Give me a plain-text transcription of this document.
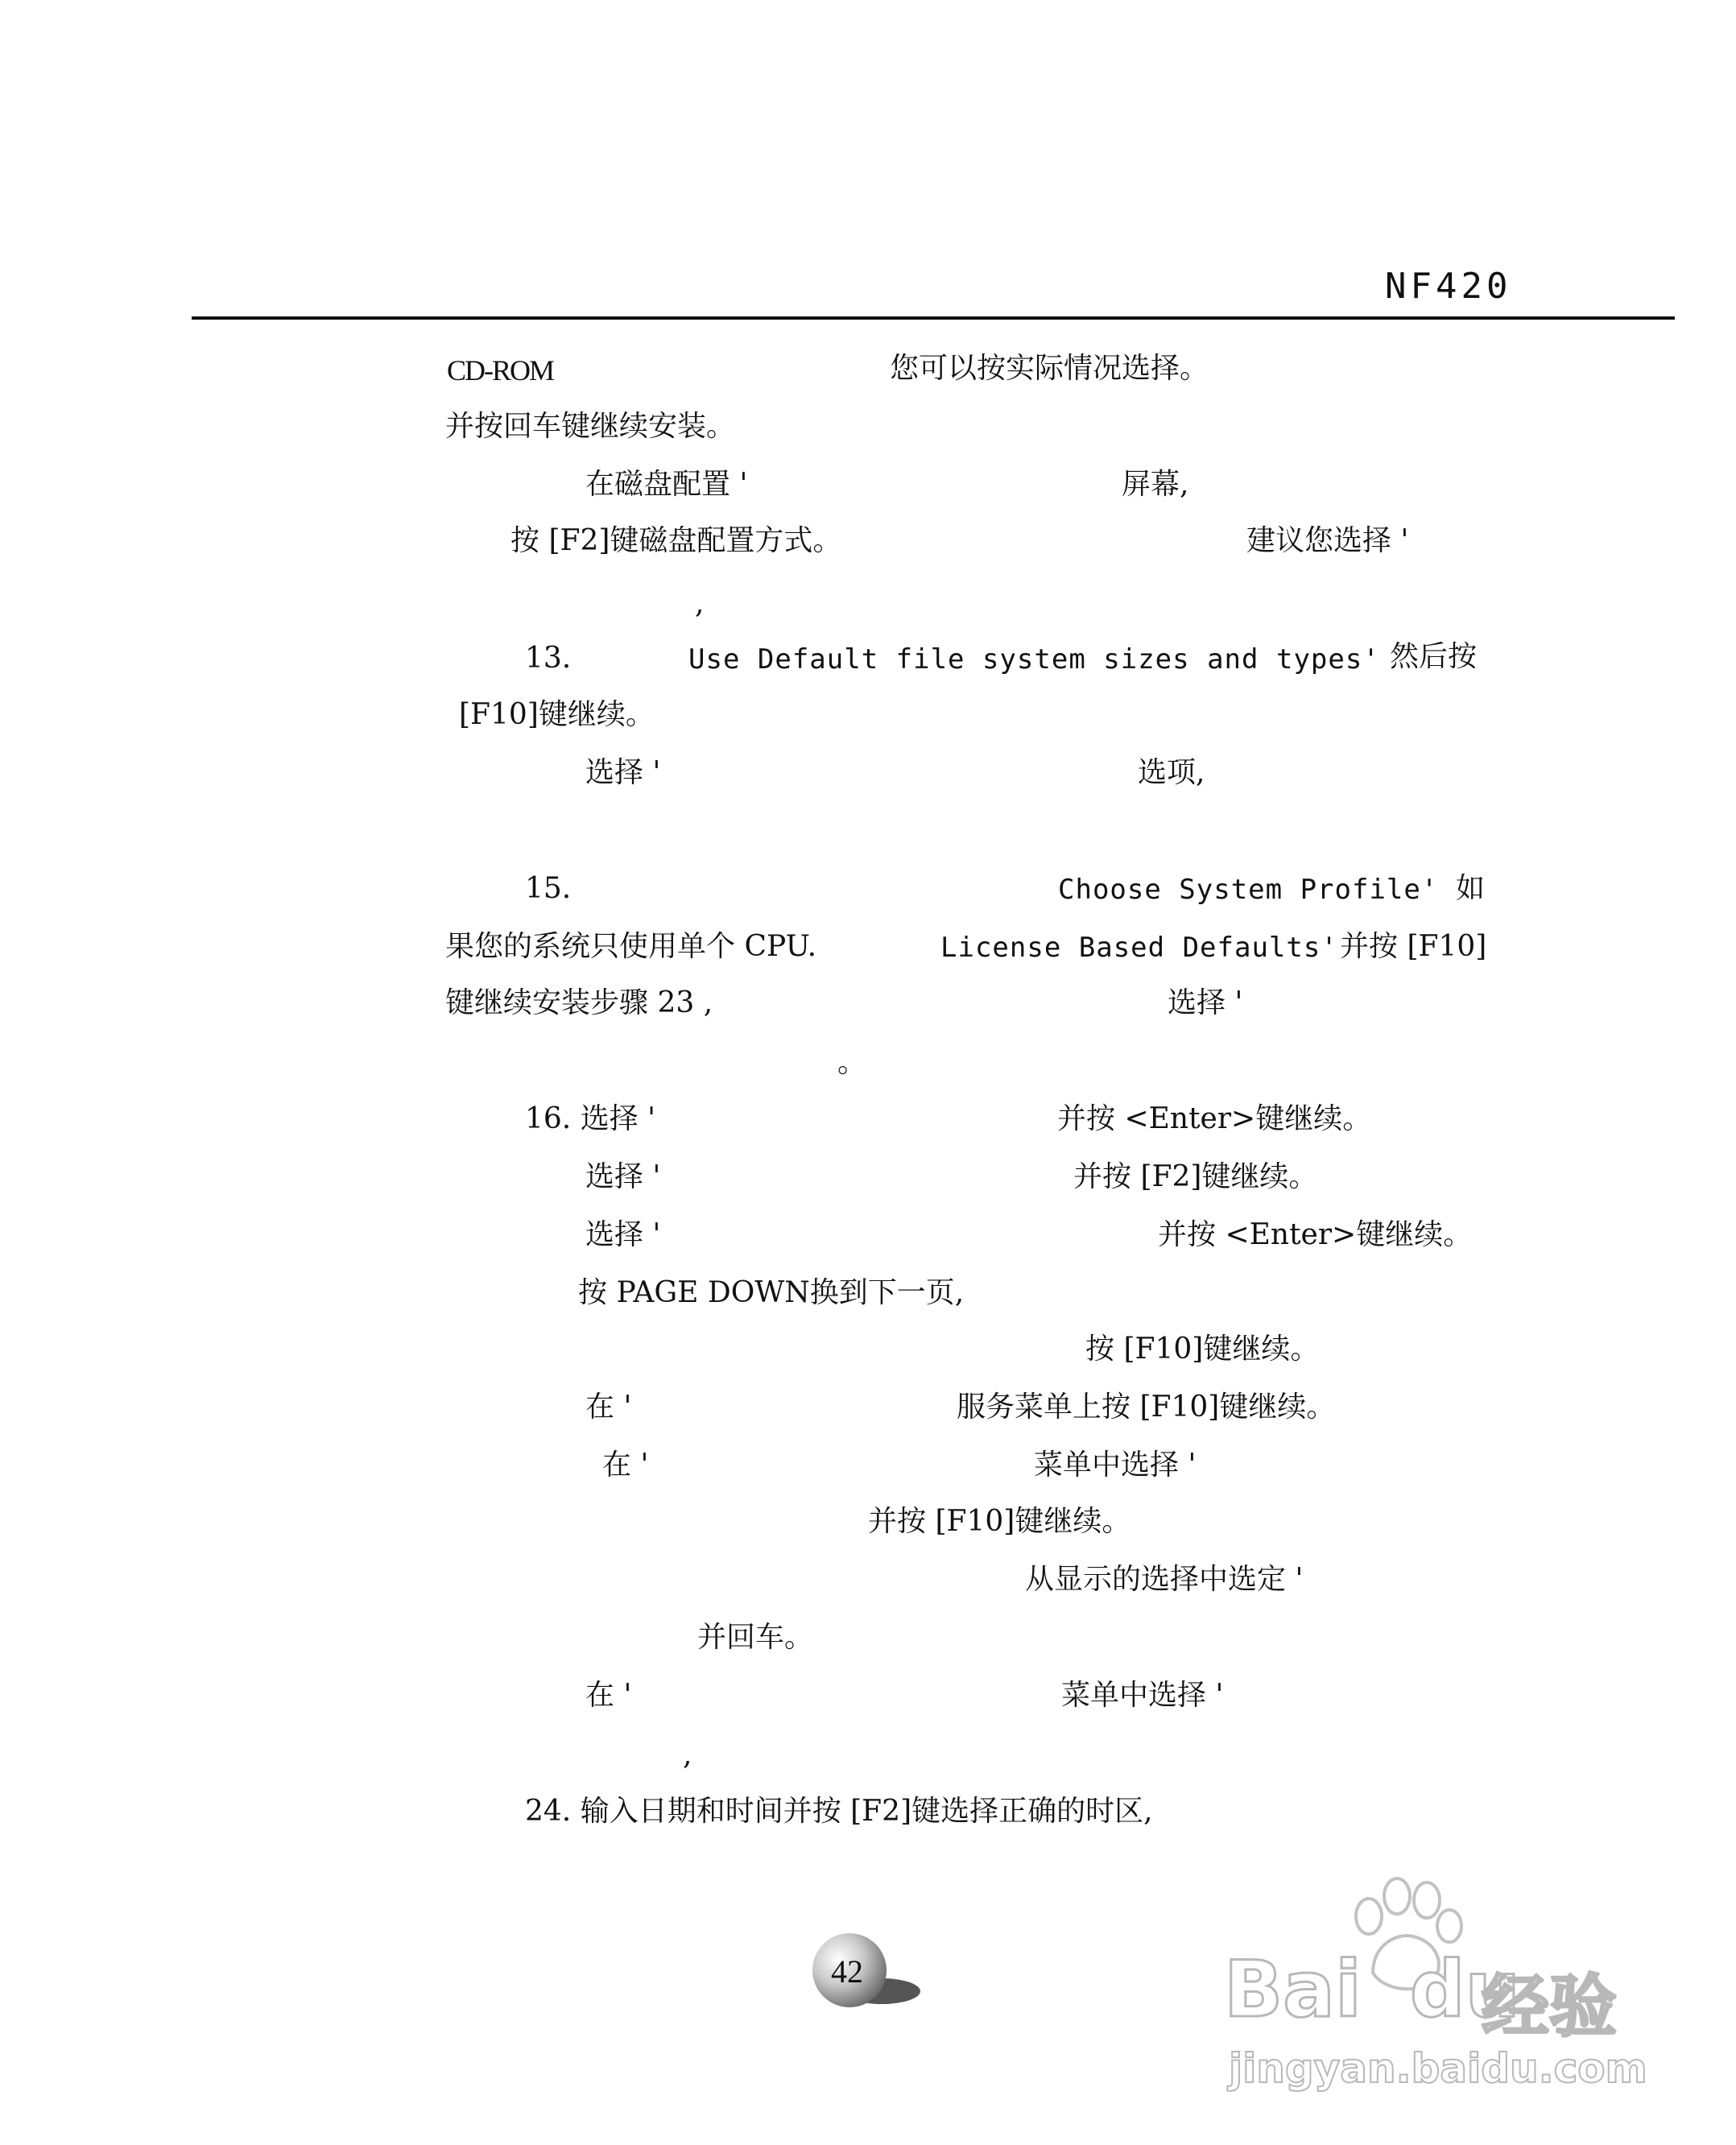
NF420
CD-ROM	您可以按实际情况选择。
并按回车键继续安装。
在磁盘配置 '	屏幕,
按 [F2]键磁盘配置方式。	建议您选择 '
,
13.	Use Default file system sizes and types' 然后按
[F10]键继续。
选择 '	选项,
15.	Choose System Profile' 如
果您的系统只使用单个 CPU.	License Based Defaults' 并按 [F10]
键继续安装步骤 23 ,	选择 '
。
16. 选择 '	并按 <Enter>键继续。
选择 '	并按 [F2]键继续。
选择 '	并按 <Enter>键继续。
按 PAGE DOWN换到下一页,
按 [F10]键继续。
在 '	服务菜单上按 [F10]键继续。
在 '	菜单中选择 '
并按 [F10]键继续。
从显示的选择中选定 '
并回车。
在 '	菜单中选择 '
,
24. 输入日期和时间并按 [F2]键选择正确的时区,
42	Bai du
经验
jingyan.baidu.com
